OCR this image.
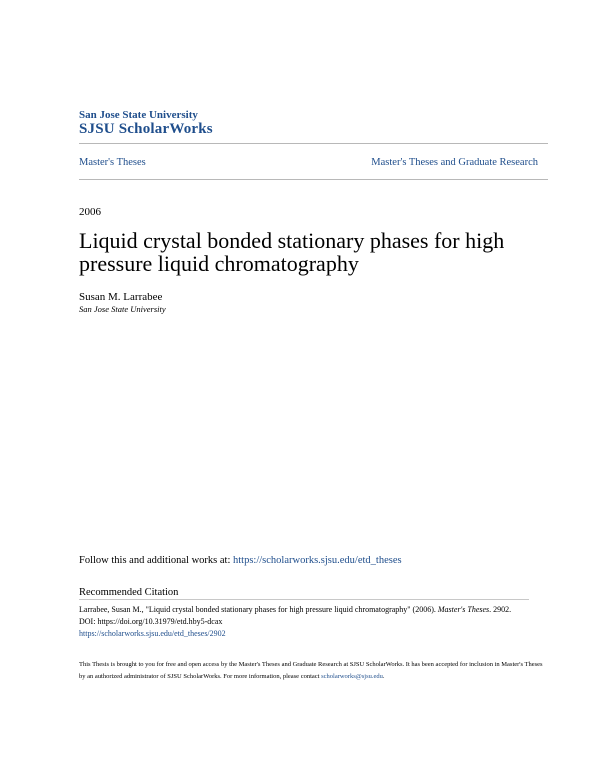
San Jose State University
SJSU ScholarWorks
Master's Theses	Master's Theses and Graduate Research
2006
Liquid crystal bonded stationary phases for high pressure liquid chromatography
Susan M. Larrabee
San Jose State University
Follow this and additional works at: https://scholarworks.sjsu.edu/etd_theses
Recommended Citation
Larrabee, Susan M., "Liquid crystal bonded stationary phases for high pressure liquid chromatography" (2006). Master's Theses. 2902.
DOI: https://doi.org/10.31979/etd.hby5-dcax
https://scholarworks.sjsu.edu/etd_theses/2902
This Thesis is brought to you for free and open access by the Master's Theses and Graduate Research at SJSU ScholarWorks. It has been accepted for inclusion in Master's Theses by an authorized administrator of SJSU ScholarWorks. For more information, please contact scholarworks@sjsu.edu.
